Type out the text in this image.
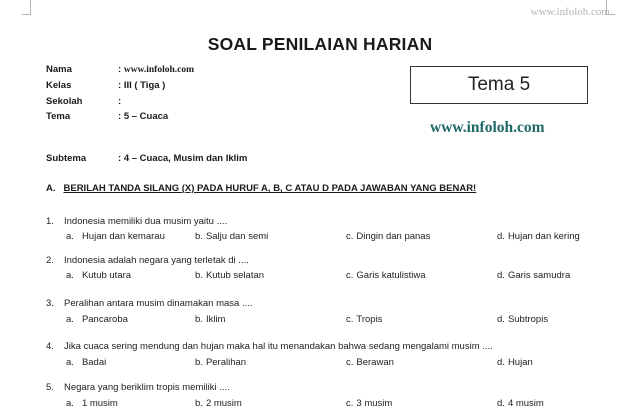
www.infoloh.com
SOAL PENILAIAN HARIAN
Nama	: www.infoloh.com
Kelas	: III ( Tiga )
Sekolah	:
Tema	: 5 – Cuaca
Tema 5
www.infoloh.com
Subtema	: 4 – Cuaca, Musim dan Iklim
A. BERILAH TANDA SILANG (X) PADA HURUF A, B, C ATAU D PADA JAWABAN YANG BENAR!
1. Indonesia memiliki dua musim yaitu ....
a. Hujan dan kemarau	b. Salju dan semi	c. Dingin dan panas	d. Hujan dan kering
2. Indonesia adalah negara yang terletak di ....
a. Kutub utara	b. Kutub selatan	c. Garis katulistiwa	d. Garis samudra
3. Peralihan antara musim dinamakan masa ....
a. Pancaroba	b. Iklim	c. Tropis	d. Subtropis
4. Jika cuaca sering mendung dan hujan maka hal itu menandakan bahwa sedang mengalami musim ....
a. Badai	b. Peralihan	c. Berawan	d. Hujan
5. Negara yang beriklim tropis memiliki ....
a. 1 musim	b. 2 musim	c. 3 musim	d. 4 musim
